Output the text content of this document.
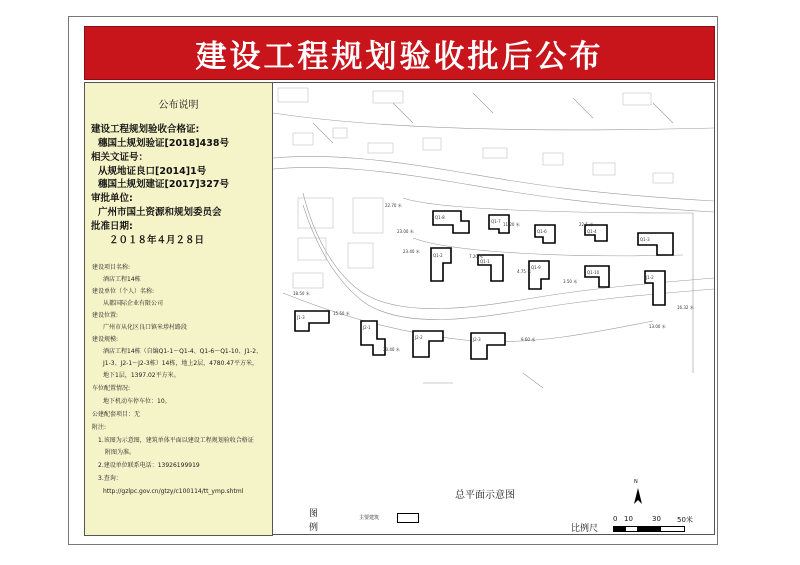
建设工程规划验收批后公布
公布说明
建设工程规划验收合格证:
穗国土规划验证[2018]438号
相关文证号：
从规地证良口[2014]1号
穗国土规划建证[2017]327号
审批单位:
广州市国土资源和规划委员会
批准日期:
２０１８年４月２８日
建设项目名称:
酒店工程14栋
建设单位（个人）名称:
从都国际企业有限公司
建设位置:
广州市从化区良口镇米埗村路段
建设规模:
酒店工程14栋（自编Q1-1～Q1-4、Q1-6～Q1-10、J1-2、
J1-3、J2-1～J2-3栋）14栋，地上2层，4780.47平方米，
地下1层，1397.02平方米。
车位配置情况:
地下机动车停车位：10。
公建配套项目：无
附注:
1.该图为示意图，建筑单体平面以建设工程规划验收合格证
附图为准。
2.建设单位联系电话：13926199919
3.查询：
http://gzlpc.gov.cn/gtzy/c100114/tt_ymp.shtml
22.70 米
23.40 米
23.00 米
4.75 米
3.50 米
13.00 米
16.32 米
18.50 米
15.50 米
20.40 米
11.20 米	22.5 米
7.20 米
9.60 米
Q1-8
Q1-7
Q1-6	Q1-4
Q1-3
Q1-2
Q1-1
Q1-9
Q1-10
J1-2
J1-3
J2-1
J2-2	J2-3
总平面示意图
图
例
主要建筑
N
比例尺
0 10	30 50米
